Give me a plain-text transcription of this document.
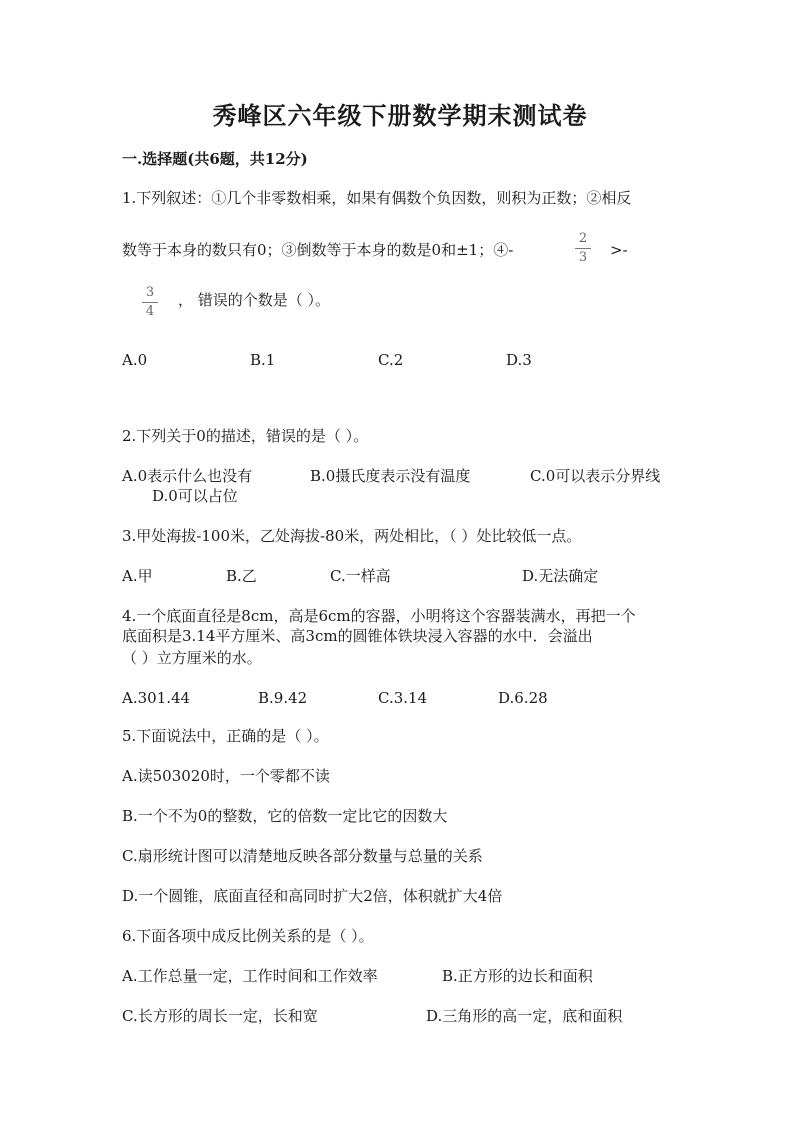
秀峰区六年级下册数学期末测试卷
一.选择题(共6题，共12分)
1.下列叙述：①几个非零数相乘，如果有偶数个负因数，则积为正数；②相反
数等于本身的数只有0；③倒数等于本身的数是0和±1；④-
2
3 >-
3
4
， 错误的个数是（ ）。
A.0	B.1	C.2	D.3
2.下列关于0的描述，错误的是（ ）。
A.0表示什么也没有	B.0摄氏度表示没有温度	C.0可以表示分界线
D.0可以占位
3.甲处海拔-100米，乙处海拔-80米，两处相比，（ ）处比较低一点。
A.甲	B.乙	C.一样高	D.无法确定
4.一个底面直径是8cm，高是6cm的容器，小明将这个容器装满水，再把一个
底面积是3.14平方厘米、高3cm的圆锥体铁块浸入容器的水中．会溢出
（ ）立方厘米的水。
A.301.44	B.9.42	C.3.14	D.6.28
5.下面说法中，正确的是（ ）。
A.读503020时，一个零都不读
B.一个不为0的整数，它的倍数一定比它的因数大
C.扇形统计图可以清楚地反映各部分数量与总量的关系
D.一个圆锥，底面直径和高同时扩大2倍，体积就扩大4倍
6.下面各项中成反比例关系的是（ ）。
A.工作总量一定，工作时间和工作效率	B.正方形的边长和面积
C.长方形的周长一定，长和宽	D.三角形的高一定，底和面积
